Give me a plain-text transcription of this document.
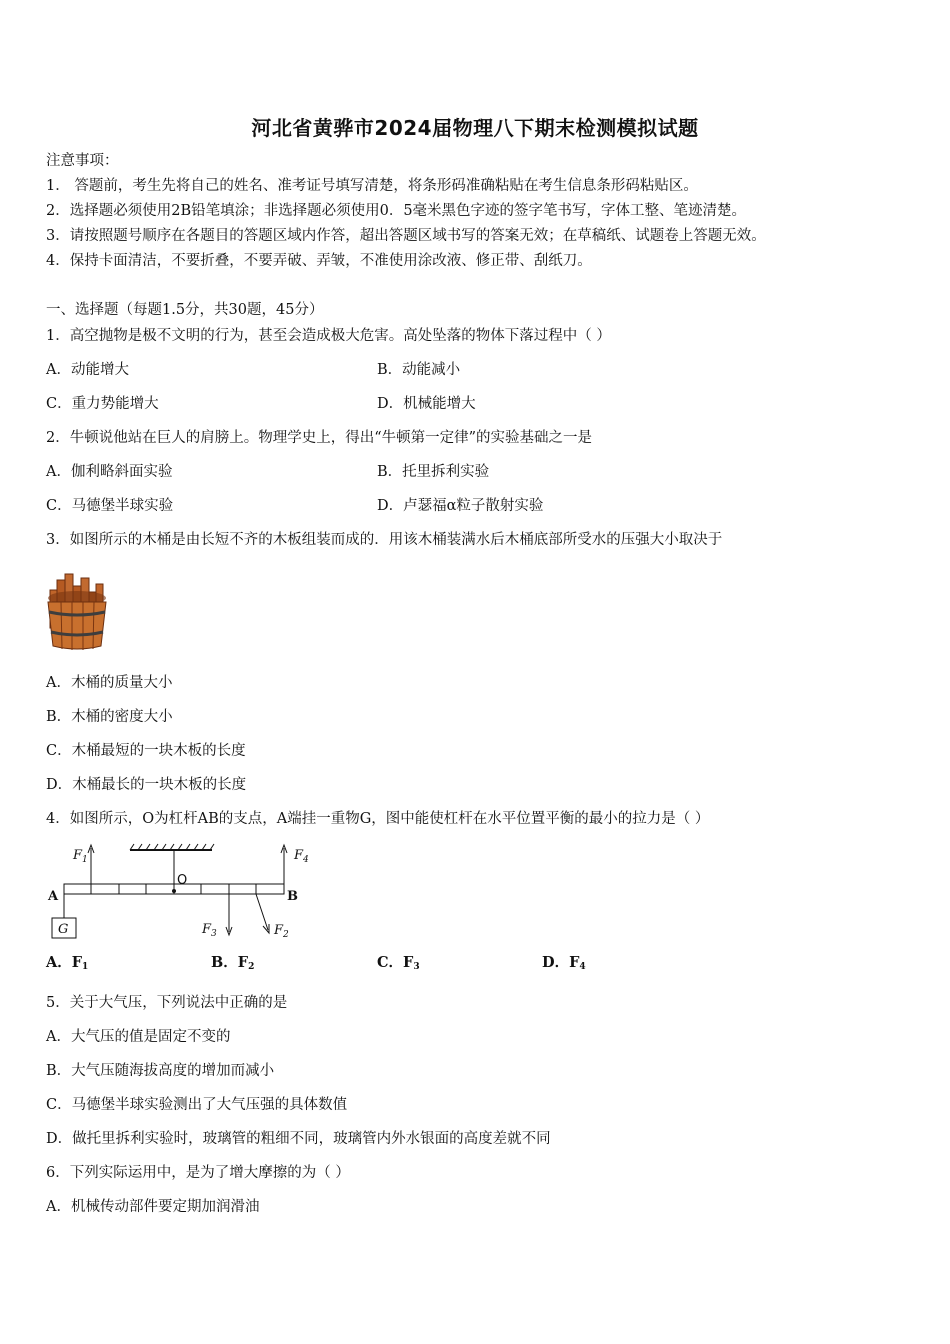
河北省黄骅市2024届物理八下期末检测模拟试题
注意事项：
1． 答题前，考生先将自己的姓名、准考证号填写清楚，将条形码准确粘贴在考生信息条形码粘贴区。
2．选择题必须使用2B铅笔填涂；非选择题必须使用0．5毫米黑色字迹的签字笔书写，字体工整、笔迹清楚。
3．请按照题号顺序在各题目的答题区域内作答，超出答题区域书写的答案无效；在草稿纸、试题卷上答题无效。
4．保持卡面清洁，不要折叠，不要弄破、弄皱，不准使用涂改液、修正带、刮纸刀。
一、选择题（每题1.5分，共30题，45分）
1．高空抛物是极不文明的行为，甚至会造成极大危害。高处坠落的物体下落过程中（ ）
A．动能增大	B．动能减小
C．重力势能增大	D．机械能增大
2．牛顿说他站在巨人的肩膀上。物理学史上，得出“牛顿第一定律”的实验基础之一是
A．伽利略斜面实验	B．托里拆利实验
C．马德堡半球实验	D．卢瑟福α粒子散射实验
3．如图所示的木桶是由长短不齐的木板组装而成的．用该木桶装满水后木桶底部所受水的压强大小取决于
A．木桶的质量大小
B．木桶的密度大小
C．木桶最短的一块木板的长度
D．木桶最长的一块木板的长度
4．如图所示，O为杠杆AB的支点，A端挂一重物G，图中能使杠杆在水平位置平衡的最小的拉力是（ ）
O
A	B
G
$F_1$	$F_4$
$F_3$	$F_2$
A．$F_1$	B．$F_2$	C．$F_3$	D．$F_4$
5．关于大气压，下列说法中正确的是
A．大气压的值是固定不变的
B．大气压随海拔高度的增加而减小
C．马德堡半球实验测出了大气压强的具体数值
D．做托里拆利实验时，玻璃管的粗细不同，玻璃管内外水银面的高度差就不同
6．下列实际运用中，是为了增大摩擦的为（ ）
A．机械传动部件要定期加润滑油
